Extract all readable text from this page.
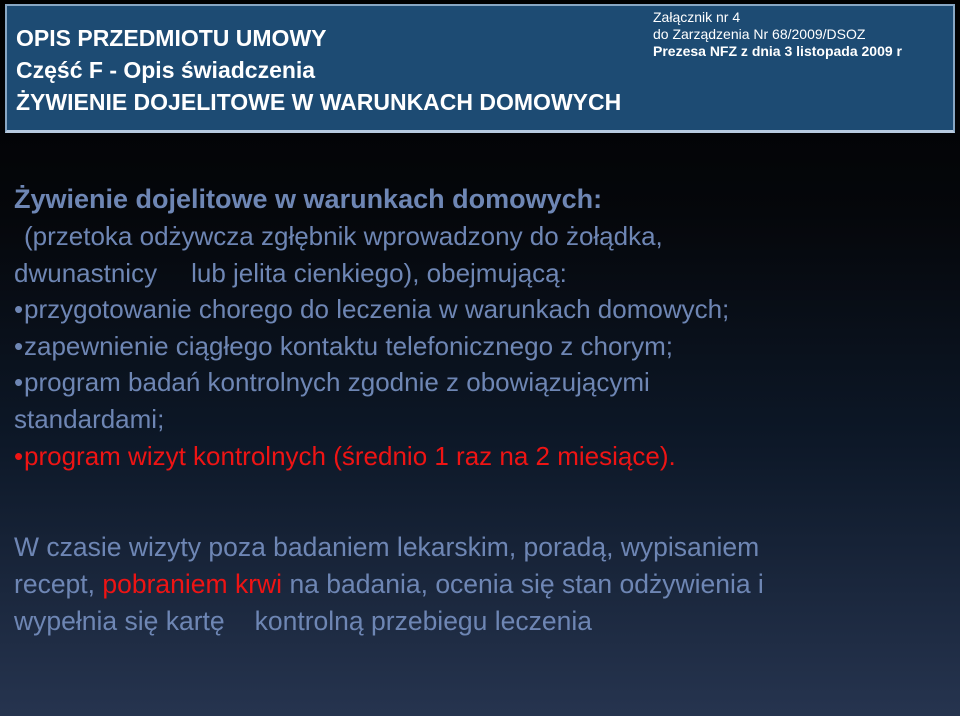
OPIS PRZEDMIOTU UMOWY
Część F - Opis świadczenia
ŻYWIENIE DOJELITOWE W WARUNKACH DOMOWYCH
Załącznik nr 4
do Zarządzenia Nr 68/2009/DSOZ
Prezesa NFZ z dnia 3 listopada 2009 r
Żywienie dojelitowe w warunkach domowych:
(przetoka odżywcza zgłębnik wprowadzony do żołądka,
dwunastnicy lub jelita cienkiego), obejmującą:
•przygotowanie chorego do leczenia w warunkach domowych;
•zapewnienie ciągłego kontaktu telefonicznego z chorym;
•program badań kontrolnych zgodnie z obowiązującymi
standardami;
•program wizyt kontrolnych (średnio 1 raz na 2 miesiące).
W czasie wizyty poza badaniem lekarskim, poradą, wypisaniem
recept, pobraniem krwi na badania, ocenia się stan odżywienia i
wypełnia się kartę kontrolną przebiegu leczenia
